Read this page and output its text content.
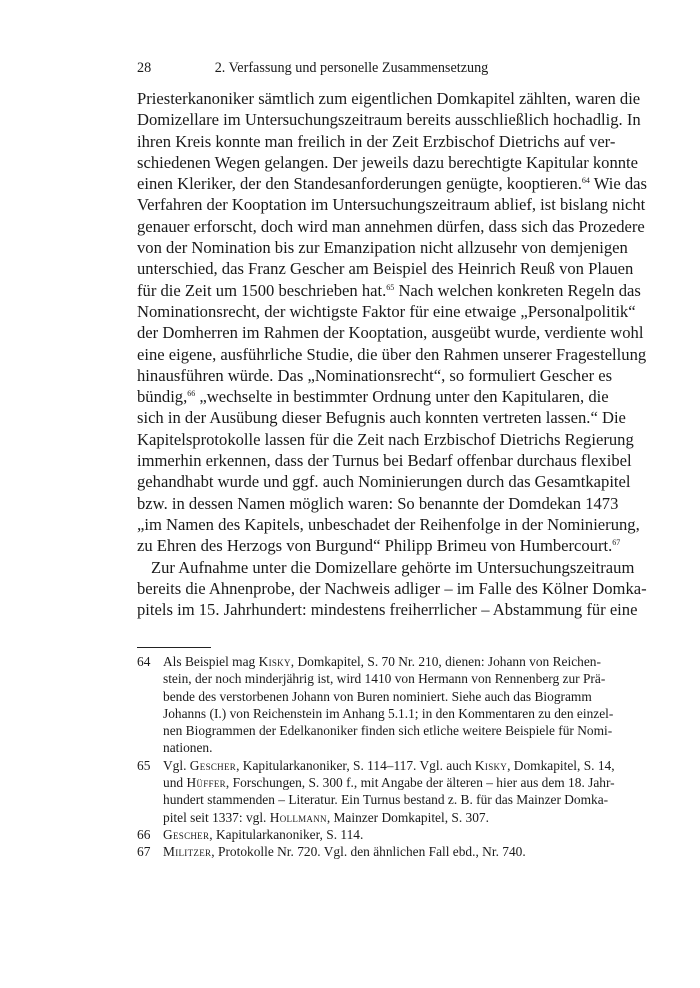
28	2. Verfassung und personelle Zusammensetzung
Priesterkanoniker sämtlich zum eigentlichen Domkapitel zählten, waren die
Domizellare im Untersuchungszeitraum bereits ausschließlich hochadlig. In
ihren Kreis konnte man freilich in der Zeit Erzbischof Dietrichs auf ver-
schiedenen Wegen gelangen. Der jeweils dazu berechtigte Kapitular konnte
einen Kleriker, der den Standesanforderungen genügte, kooptieren.$^{64}$ Wie das
Verfahren der Kooptation im Untersuchungszeitraum ablief, ist bislang nicht
genauer erforscht, doch wird man annehmen dürfen, dass sich das Prozedere
von der Nomination bis zur Emanzipation nicht allzusehr von demjenigen
unterschied, das Franz Gescher am Beispiel des Heinrich Reuß von Plauen
für die Zeit um 1500 beschrieben hat.$^{65}$ Nach welchen konkreten Regeln das
Nominationsrecht, der wichtigste Faktor für eine etwaige „Personalpolitik“
der Domherren im Rahmen der Kooptation, ausgeübt wurde, verdiente wohl
eine eigene, ausführliche Studie, die über den Rahmen unserer Fragestellung
hinausführen würde. Das „Nominationsrecht“, so formuliert Gescher es
bündig,$^{66}$ „wechselte in bestimmter Ordnung unter den Kapitularen, die
sich in der Ausübung dieser Befugnis auch konnten vertreten lassen.“ Die
Kapitelsprotokolle lassen für die Zeit nach Erzbischof Dietrichs Regierung
immerhin erkennen, dass der Turnus bei Bedarf offenbar durchaus flexibel
gehandhabt wurde und ggf. auch Nominierungen durch das Gesamtkapitel
bzw. in dessen Namen möglich waren: So benannte der Domdekan 1473
„im Namen des Kapitels, unbeschadet der Reihenfolge in der Nominierung,
zu Ehren des Herzogs von Burgund“ Philipp Brimeu von Humbercourt.$^{67}$
Zur Aufnahme unter die Domizellare gehörte im Untersuchungszeitraum
bereits die Ahnenprobe, der Nachweis adliger – im Falle des Kölner Domka-
pitels im 15. Jahrhundert: mindestens freiherrlicher – Abstammung für eine
64 Als Beispiel mag Kisky, Domkapitel, S. 70 Nr. 210, dienen: Johann von Reichen-
stein, der noch minderjährig ist, wird 1410 von Hermann von Rennenberg zur Prä-
bende des verstorbenen Johann von Buren nominiert. Siehe auch das Biogramm
Johanns (I.) von Reichenstein im Anhang 5.1.1; in den Kommentaren zu den einzel-
nen Biogrammen der Edelkanoniker finden sich etliche weitere Beispiele für Nomi-
nationen.
65 Vgl. Gescher, Kapitularkanoniker, S. 114–117. Vgl. auch Kisky, Domkapitel, S. 14,
und Hüffer, Forschungen, S. 300 f., mit Angabe der älteren – hier aus dem 18. Jahr-
hundert stammenden – Literatur. Ein Turnus bestand z. B. für das Mainzer Domka-
pitel seit 1337: vgl. Hollmann, Mainzer Domkapitel, S. 307.
66 Gescher, Kapitularkanoniker, S. 114.
67 Militzer, Protokolle Nr. 720. Vgl. den ähnlichen Fall ebd., Nr. 740.
